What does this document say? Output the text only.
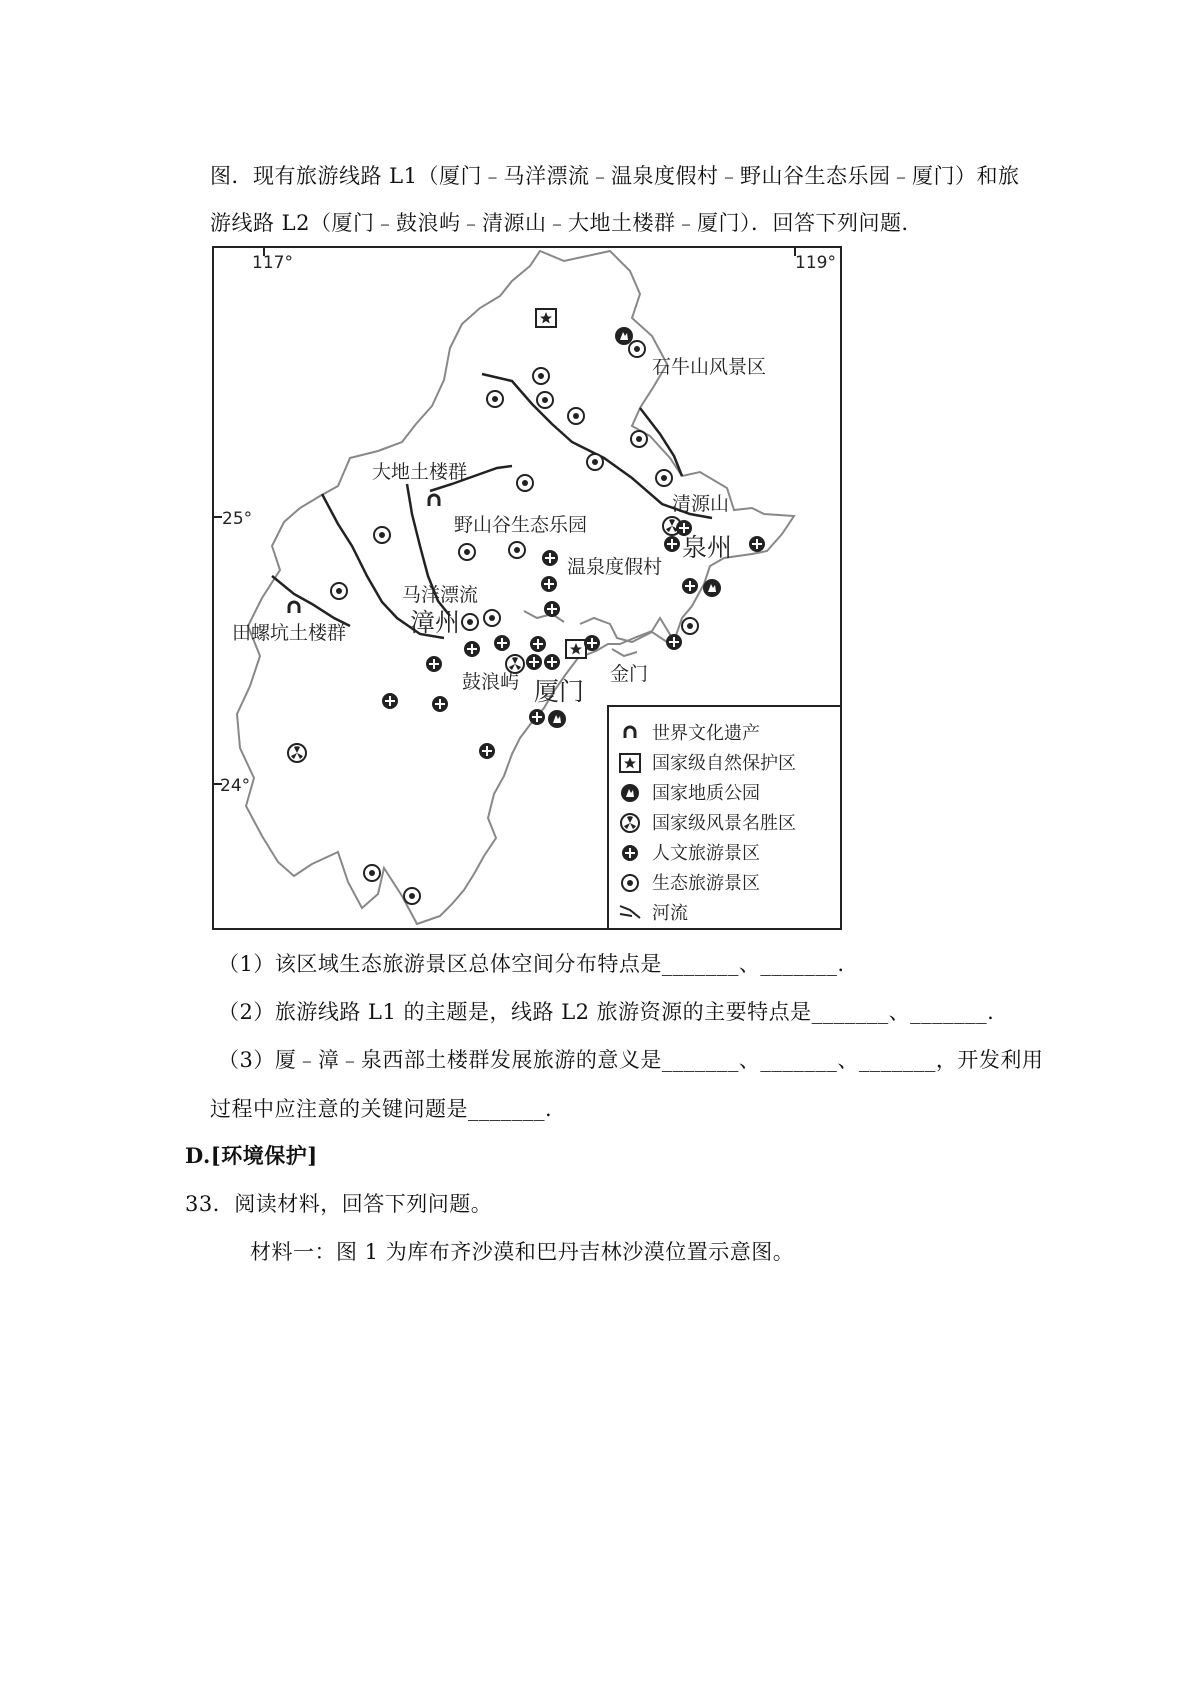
图．现有旅游线路 L1（厦门﹣马洋漂流﹣温泉度假村﹣野山谷生态乐园﹣厦门）和旅
游线路 L2（厦门﹣鼓浪屿﹣清源山﹣大地土楼群﹣厦门）．回答下列问题．
117°	119°
25°
24°
石牛山风景区
大地土楼群
野山谷生态乐园
清源山
泉州
温泉度假村
马洋漂流
漳州
田螺坑土楼群
鼓浪屿 厦门
金门
世界文化遗产
国家级自然保护区
国家地质公园
国家级风景名胜区
人文旅游景区
生态旅游景区
河流
（1）该区域生态旅游景区总体空间分布特点是_______、_______.
（2）旅游线路 L1 的主题是，线路 L2 旅游资源的主要特点是_______、_______.
（3）厦﹣漳﹣泉西部土楼群发展旅游的意义是_______、_______、_______，开发利用
过程中应注意的关键问题是_______.
D.[环境保护]
33．阅读材料，回答下列问题。
材料一：图 1 为库布齐沙漠和巴丹吉林沙漠位置示意图。
